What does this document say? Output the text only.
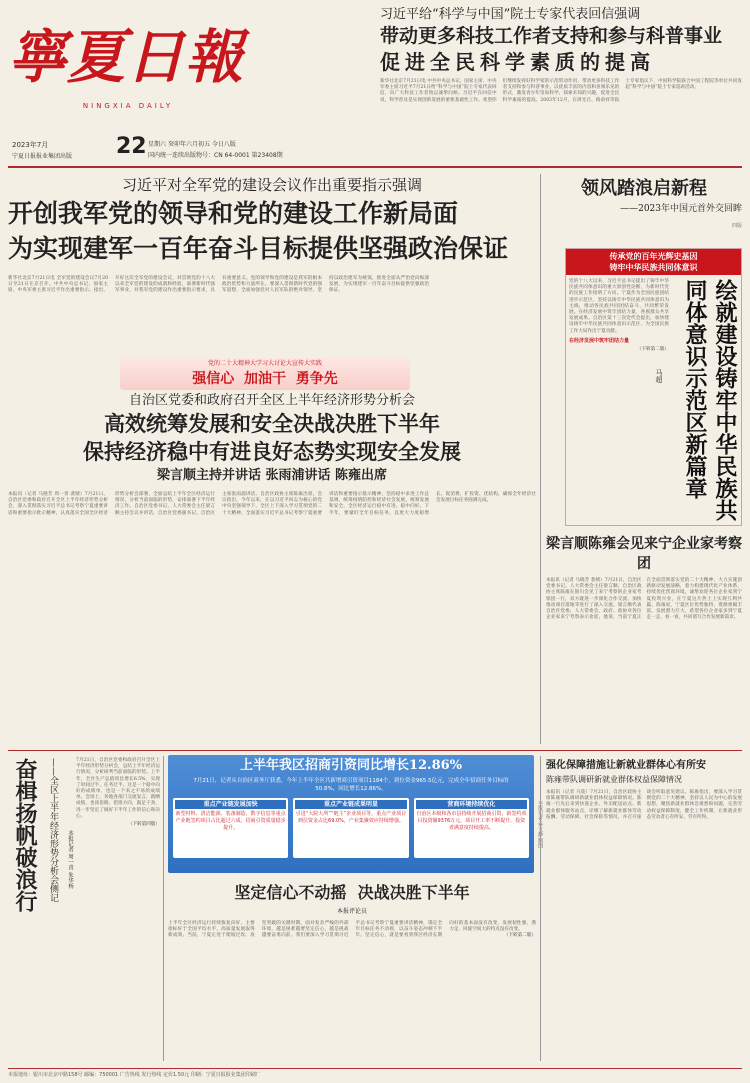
寧夏日報
NINGXIA DAILY
2023年7月
宁夏日报报业集团出版 22 星期六 癸卯年六月初五 今日八版
国内统一连续出版物号：CN 64-0001 第23408期
习近平给“科学与中国”院士专家代表回信强调
带动更多科技工作者支持和参与科普事业
促进全民科学素质的提高
新华社北京7月21日电 中共中央总书记、国家主席、中央军委主席习近平7月21日给“科学与中国”院士专家代表回信，向广大科技工作者致以诚挚问候。习近平在回信中说，科学普及是实现创新发展的重要基础性工作。希望你们继续发挥好科学家的示范带动作用，带动更多科技工作者支持和参与科普事业，以优质丰富的内容和喜闻乐见的形式，激发青少年崇尚科学、探索未知的兴趣，促进全民科学素质的提高。2003年12月，在周光召、路甬祥等院士专家倡议下，中国科学院联合中国工程院等单位共同发起“科学与中国”院士专家巡讲活动。
习近平对全军党的建设会议作出重要指示强调
开创我军党的领导和党的建设工作新局面
为实现建军一百年奋斗目标提供坚强政治保证
新华社北京7月21日电 全军党的建设会议7月20日至21日在京召开。中共中央总书记、国家主席、中央军委主席习近平作出重要指示。指出，开好这次全军党的建设会议，对贯彻党的十八大以来全军党的建设的成就和经验，部署新时代强军事业，对我军党的建设作出重要指示要求，具有重要意义。党的领导和党的建设是我军的根本政治优势和力量所在。要深入贯彻新时代党的强军思想，全面加强党对人民军队的绝对领导，坚持以政治建军为统领，推进全面从严治党向纵深发展，为实现建军一百年奋斗目标提供坚强政治保证。
党的二十大精神大学习大讨论大宣传大实践
强信心  加油干  勇争先
自治区党委和政府召开全区上半年经济形势分析会
高效统筹发展和安全决战决胜下半年
保持经济稳中有进良好态势实现安全发展
梁言顺主持并讲话 张雨浦讲话 陈雍出席
本报讯（记者 马晓芳 周一青 裴婧）7月21日，自治区党委和政府召开全区上半年经济形势分析会，深入贯彻落实习近平总书记考察宁夏重要讲话和重要指示批示精神，认真落实全国全区经济形势分析会部署，全面总结上半年全区经济运行情况，分析当前面临的形势，安排部署下半年经济工作。自治区党委书记、人大常委会主任梁言顺主持会议并讲话，自治区党委副书记、自治区主席张雨浦讲话，自治区政协主席陈雍出席。会议指出，今年以来，在以习近平同志为核心的党中央坚强领导下，全区上下深入学习贯彻党的二十大精神，全面落实习近平总书记考察宁夏重要讲话和重要指示批示精神，坚持稳中求进工作总基调，统筹疫情防控和经济社会发展，统筹发展和安全，全区经济运行稳中有进、稳中向好。下半年，要紧盯全年目标任务，以更大力度稳增长、促消费、扩投资、优结构，确保全年经济社会发展目标任务圆满完成。
领风踏浪启新程
——2023年中国元首外交回眸
四版
传承党的百年光辉史基因
铸牢中华民族共同体意识
党的十八大以来，习近平总书记提出了铸牢中华民族共同体意识的重大原创性论断，为新时代党的民族工作指明了方向。宁夏作为全国民族团结进步示范区，坚持以铸牢中华民族共同体意识为主线，推动各民族共同团结奋斗、共同繁荣发展。在经济发展中筑牢团结力量，各族群众共享发展成果。自治区第十三次党代会提出，加快建设铸牢中华民族共同体意识示范区，为全国民族工作大局作出宁夏贡献。
在经济发展中筑牢团结力量
（下转第二版）	绘就建设铸牢中华民族共同体意识示范区新篇章
马超
梁言顺陈雍会见来宁企业家考察团
本报讯（记者 马晓芳 裴婧）7月21日，自治区党委书记、人大常委会主任梁言顺，自治区政协主席陈雍在银川会见了来宁考察的企业家考察团一行，双方就进一步深化合作交流、加快推动项目落地等进行了深入交流。梁言顺代表自治区党委、人大常委会、政府、政协对各位企业家来宁考察表示欢迎，他说，当前宁夏正在全面贯彻落实党的二十大精神，大力实施创新驱动发展战略，着力构建现代化产业体系，持续优化营商环境，诚挚欢迎各位企业家到宁夏投资兴业，在宁夏这片热土上实现互利共赢。陈雍说，宁夏区位优势独特，资源禀赋丰富，发展潜力巨大，希望各位企业家多到宁夏走一走、看一看，共同谱写合作发展新篇章。
奋楫扬帆破浪行	——全区上半年经济形势分析会侧记	本报记者 周一青 朱华杨
7月21日，自治区党委和政府召开全区上半年经济形势分析会，总结上半年经济运行情况，分析研判当前面临的形势。上半年，全区生产总值同比增长6.5%，实现了时间过半、任务过半。这是一个稳中向好的成绩单，也是一个来之不易的成绩单。会场上，各地各部门交流发言，既晒成绩，也谈思路，把准方向，鼓足干劲，进一步坚定了做好下半年工作的信心和决心。
（下转第四版）
上半年我区招商引资同比增长12.86%
7月21日，记者从自治区商务厅获悉，今年上半年全区共新增商引资项目1184个，到位资金965.5亿元，完成全年招商任务目标的50.8%，同比增长12.86%。
重点产业链发展加快
新型材料、清洁能源、装备制造、数字信息等重点产业链签约项目占比超过六成，招商引资质量稳步提升。
重点产业链成果明显
引进“大院大所”“链主”企业项目等，重点产业项目到位资金占比69.0%，产业集聚效应持续增强。
营商环境持续优化
自治区本级和各市县持续开展招商引资，新签约项目投资额9376万元，项目开工率不断提升，投资者满意度持续提高。
坚定信心不动摇  决战决胜下半年
本报评论员
上半年全区经济运行持续恢复向好，主要指标好于全国平均水平，高质量发展取得新成效。当前，宁夏正处于爬坡过坎、攻坚突破的关键时期，面对复杂严峻的外部环境，越是困难越要坚定信心，越是挑战越要奋勇向前。我们要深入学习贯彻习近平总书记考察宁夏重要讲话精神，锚定全年目标任务不动摇，以奋斗姿态冲刺下半年。坚定信心，就是要看到我区经济长期向好的基本面没有改变，发展韧性强、潜力足、回旋空间大的特点没有改变。
（下转第二版）
强化保障措施让新就业群体心有所安
陈雍带队调研新就业群体权益保障情况
本报讯（记者 马骁）7月21日，自治区政协主席陈雍带队调研新就业群体权益保障情况。陈雍一行先后来到快递企业、外卖配送站点、新就业群体服务站点，详细了解新就业群体劳动报酬、劳动保障、社会保险等情况，并召开座谈会听取意见建议。陈雍指出，要深入学习贯彻党的二十大精神，坚持以人民为中心的发展思想，聚焦新就业群体急难愁盼问题，完善劳动权益保障制度，健全工作机制，让新就业形态劳动者心有所安、劳有所得。
本报地址：银川市北京中路158号 邮编：750001 广告热线 发行热线 定价1.50元 印刷：宁夏日报报业集团印刷厂
